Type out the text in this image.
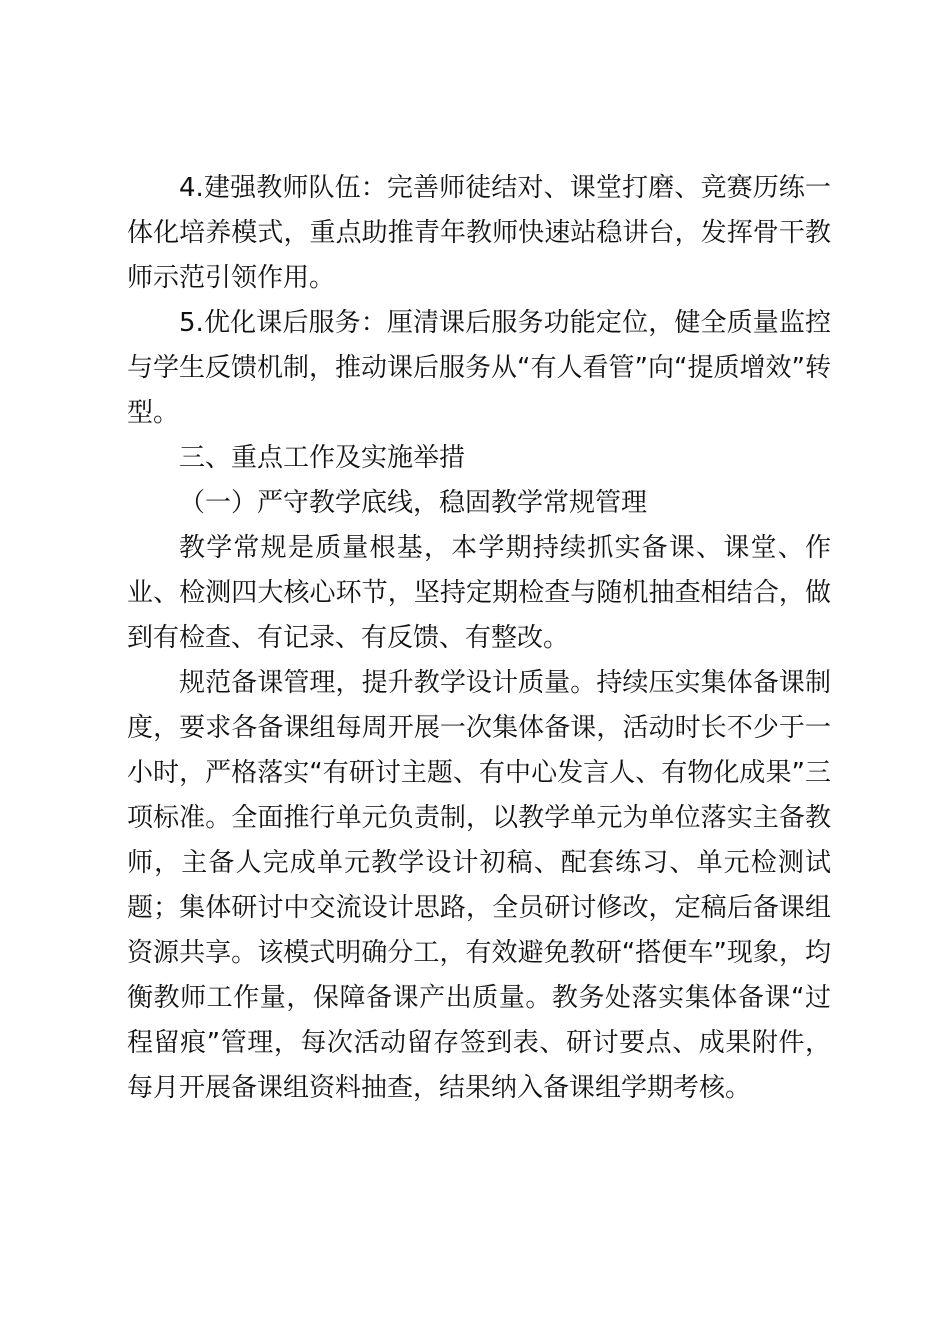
4.建强教师队伍：完善师徒结对、课堂打磨、竞赛历练一体化培养模式，重点助推青年教师快速站稳讲台，发挥骨干教师示范引领作用。

5.优化课后服务：厘清课后服务功能定位，健全质量监控与学生反馈机制，推动课后服务从“有人看管”向“提质增效”转型。

三、重点工作及实施举措

（一）严守教学底线，稳固教学常规管理

教学常规是质量根基，本学期持续抓实备课、课堂、作业、检测四大核心环节，坚持定期检查与随机抽查相结合，做到有检查、有记录、有反馈、有整改。

规范备课管理，提升教学设计质量。持续压实集体备课制度，要求各备课组每周开展一次集体备课，活动时长不少于一小时，严格落实“有研讨主题、有中心发言人、有物化成果”三项标准。全面推行单元负责制，以教学单元为单位落实主备教师，主备人完成单元教学设计初稿、配套练习、单元检测试题；集体研讨中交流设计思路，全员研讨修改，定稿后备课组资源共享。该模式明确分工，有效避免教研“搭便车”现象，均衡教师工作量，保障备课产出质量。教务处落实集体备课“过程留痕”管理，每次活动留存签到表、研讨要点、成果附件，每月开展备课组资料抽查，结果纳入备课组学期考核。
